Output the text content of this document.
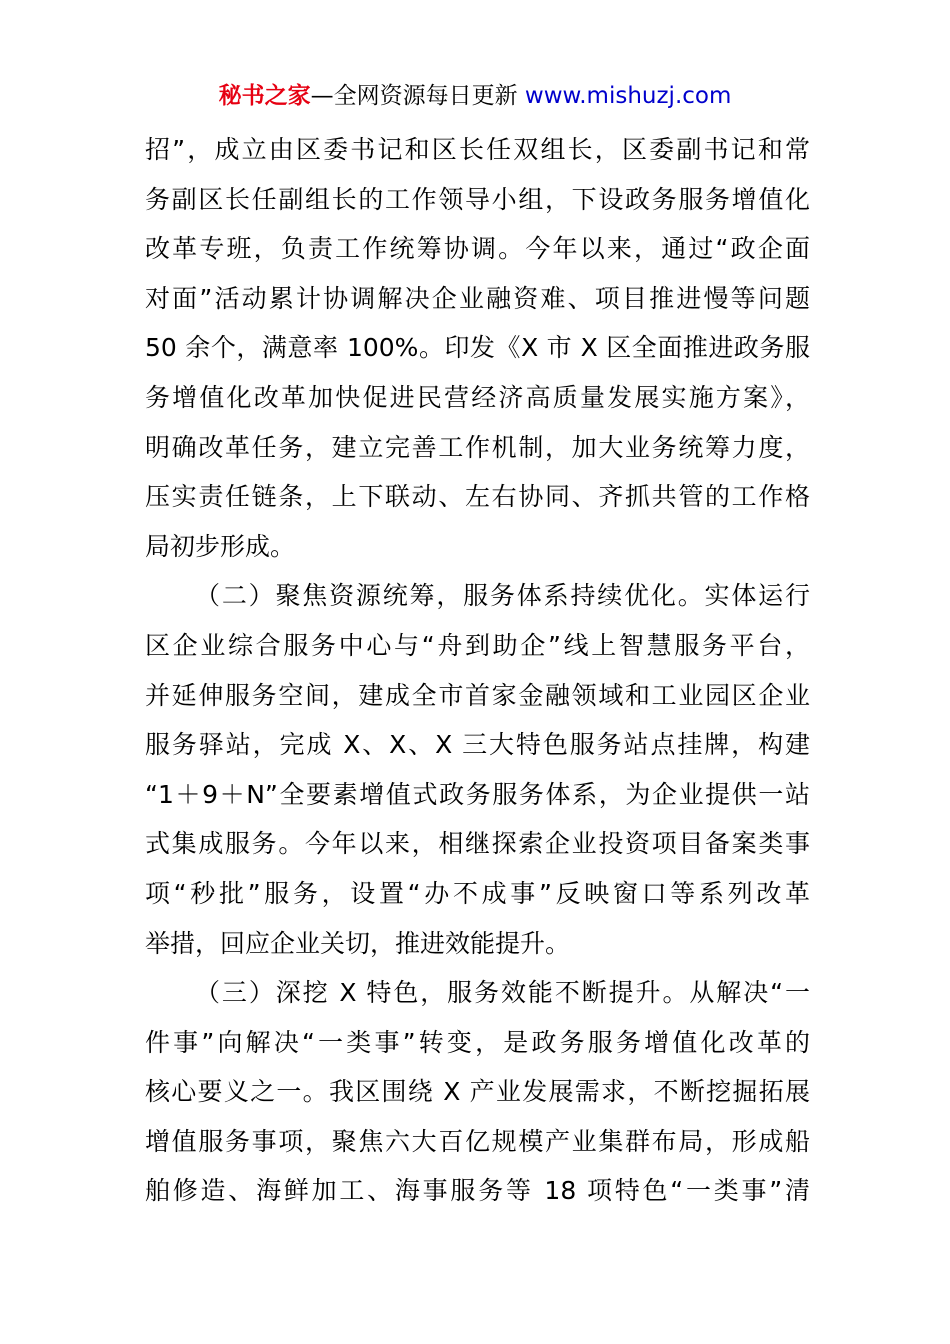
秘书之家—全网资源每日更新 www.mishuzj.com
招”，成立由区委书记和区长任双组长，区委副书记和常
务副区长任副组长的工作领导小组，下设政务服务增值化
改革专班，负责工作统筹协调。今年以来，通过“政企面
对面”活动累计协调解决企业融资难、项目推进慢等问题
50 余个，满意率 100%。印发《X 市 X 区全面推进政务服
务增值化改革加快促进民营经济高质量发展实施方案》，
明确改革任务，建立完善工作机制，加大业务统筹力度，
压实责任链条，上下联动、左右协同、齐抓共管的工作格
局初步形成。
（二）聚焦资源统筹，服务体系持续优化。实体运行
区企业综合服务中心与“舟到助企”线上智慧服务平台，
并延伸服务空间，建成全市首家金融领域和工业园区企业
服务驿站，完成 X、X、X 三大特色服务站点挂牌，构建
“1＋9＋N”全要素增值式政务服务体系，为企业提供一站
式集成服务。今年以来，相继探索企业投资项目备案类事
项“秒批”服务，设置“办不成事”反映窗口等系列改革
举措，回应企业关切，推进效能提升。
（三）深挖 X 特色，服务效能不断提升。从解决“一
件事”向解决“一类事”转变，是政务服务增值化改革的
核心要义之一。我区围绕 X 产业发展需求，不断挖掘拓展
增值服务事项，聚焦六大百亿规模产业集群布局，形成船
舶修造、海鲜加工、海事服务等 18 项特色“一类事”清
